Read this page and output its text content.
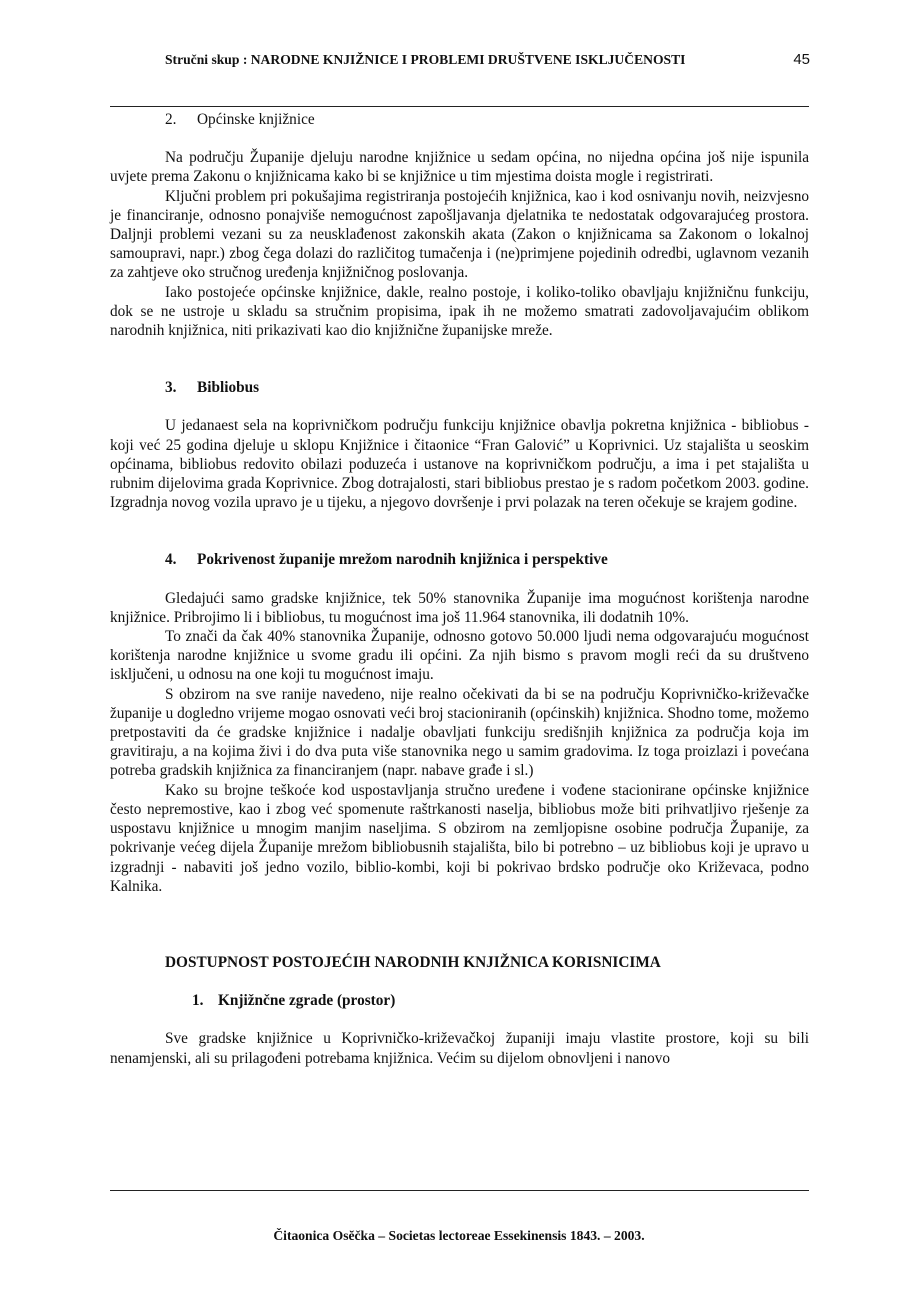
Stručni skup : NARODNE KNJIŽNICE I PROBLEMI DRUŠTVENE ISKLJUČENOSTI	45
2. Općinske knjižnice

Na području Županije djeluju narodne knjižnice u sedam općina, no nijedna općina još nije ispunila uvjete prema Zakonu o knjižnicama kako bi se knjižnice u tim mjestima doista mogle i registrirati.

Ključni problem pri pokušajima registriranja postojećih knjižnica, kao i kod osnivanju novih, neizvjesno je financiranje, odnosno ponajviše nemogućnost zapošljavanja djelatnika te nedostatak odgovarajućeg prostora. Daljnji problemi vezani su za neusklađenost zakonskih akata (Zakon o knjižnicama sa Zakonom o lokalnoj samoupravi, napr.) zbog čega dolazi do različitog tumačenja i (ne)primjene pojedinih odredbi, uglavnom vezanih za zahtjeve oko stručnog uređenja knjižničnog poslovanja.

Iako postojeće općinske knjižnice, dakle, realno postoje, i koliko-toliko obavljaju knjižničnu funkciju, dok se ne ustroje u skladu sa stručnim propisima, ipak ih ne možemo smatrati zadovoljavajućim oblikom narodnih knjižnica, niti prikazivati kao dio knjižnične županijske mreže.

3. Bibliobus

U jedanaest sela na koprivničkom području funkciju knjižnice obavlja pokretna knjižnica - bibliobus - koji već 25 godina djeluje u sklopu Knjižnice i čitaonice “Fran Galović” u Koprivnici. Uz stajališta u seoskim općinama, bibliobus redovito obilazi poduzeća i ustanove na koprivničkom području, a ima i pet stajališta u rubnim dijelovima grada Koprivnice. Zbog dotrajalosti, stari bibliobus prestao je s radom početkom 2003. godine. Izgradnja novog vozila upravo je u tijeku, a njegovo dovršenje i prvi polazak na teren očekuje se krajem godine.

4. Pokrivenost županije mrežom narodnih knjižnica i perspektive

Gledajući samo gradske knjižnice, tek 50% stanovnika Županije ima mogućnost korištenja narodne knjižnice. Pribrojimo li i bibliobus, tu mogućnost ima još 11.964 stanovnika, ili dodatnih 10%.

To znači da čak 40% stanovnika Županije, odnosno gotovo 50.000 ljudi nema odgovarajuću mogućnost korištenja narodne knjižnice u svome gradu ili općini. Za njih bismo s pravom mogli reći da su društveno isključeni, u odnosu na one koji tu mogućnost imaju.

S obzirom na sve ranije navedeno, nije realno očekivati da bi se na području Koprivničko-križevačke županije u dogledno vrijeme mogao osnovati veći broj stacioniranih (općinskih) knjižnica. Shodno tome, možemo pretpostaviti da će gradske knjižnice i nadalje obavljati funkciju središnjih knjižnica za područja koja im gravitiraju, a na kojima živi i do dva puta više stanovnika nego u samim gradovima. Iz toga proizlazi i povećana potreba gradskih knjižnica za financiranjem (napr. nabave građe i sl.)

Kako su brojne teškoće kod uspostavljanja stručno uređene i vođene stacionirane općinske knjižnice često nepremostive, kao i zbog već spomenute raštrkanosti naselja, bibliobus može biti prihvatljivo rješenje za uspostavu knjižnice u mnogim manjim naseljima. S obzirom na zemljopisne osobine područja Županije, za pokrivanje većeg dijela Županije mrežom bibliobusnih stajališta, bilo bi potrebno – uz bibliobus koji je upravo u izgradnji - nabaviti još jedno vozilo, biblio-kombi, koji bi pokrivao brdsko područje oko Križevaca, podno Kalnika.

DOSTUPNOST POSTOJEĆIH NARODNIH KNJIŽNICA KORISNICIMA
1. Knjižnčne zgrade (prostor)

Sve gradske knjižnice u Koprivničko-križevačkoj županiji imaju vlastite prostore, koji su bili nenamjenski, ali su prilagođeni potrebama knjižnica. Većim su dijelom obnovljeni i nanovo

Čitaonica Osĕčka – Societas lectoreae Essekinensis 1843. – 2003.
